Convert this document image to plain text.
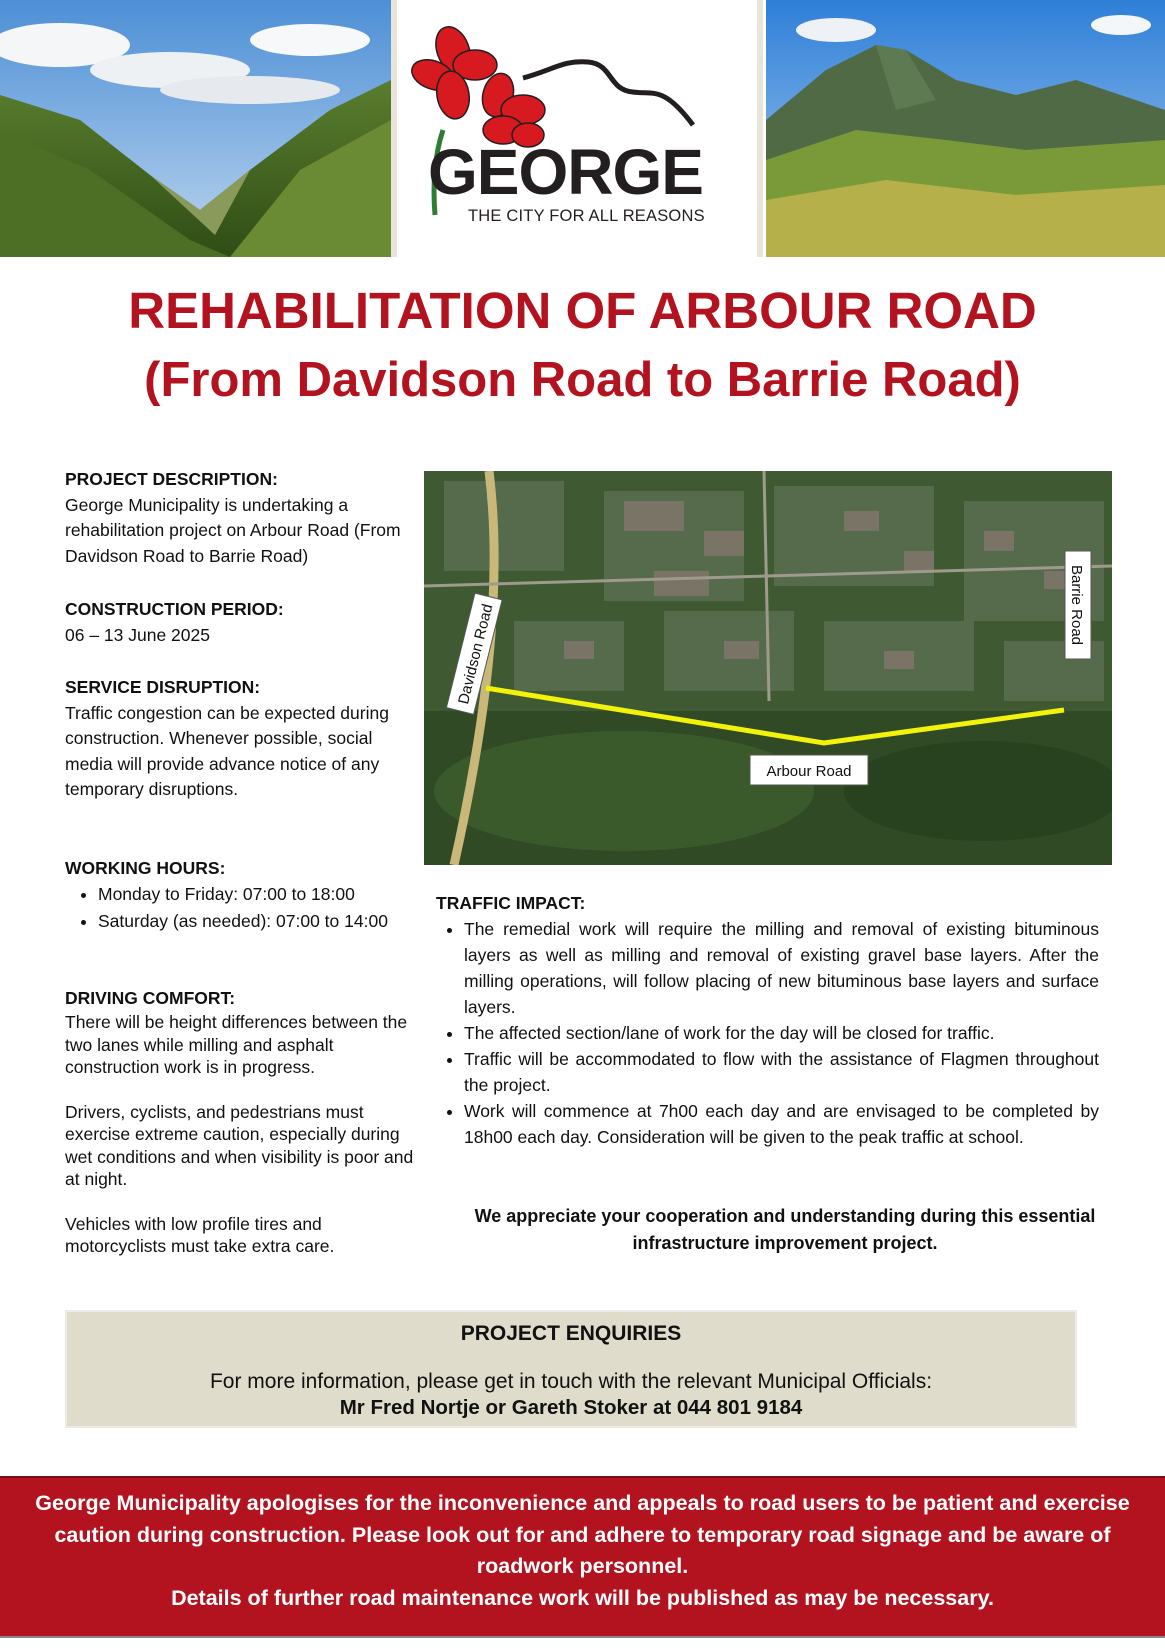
GEORGE
THE CITY FOR ALL REASONS
REHABILITATION OF ARBOUR ROAD
(From Davidson Road to Barrie Road)
PROJECT DESCRIPTION:
George Municipality is undertaking a rehabilitation project on Arbour Road (From Davidson Road to Barrie Road)
CONSTRUCTION PERIOD:
06 – 13 June 2025
SERVICE DISRUPTION:
Traffic congestion can be expected during construction. Whenever possible, social media will provide advance notice of any temporary disruptions.
WORKING HOURS:
• Monday to Friday: 07:00 to 18:00
• Saturday (as needed): 07:00 to 14:00
DRIVING COMFORT:
There will be height differences between the two lanes while milling and asphalt construction work is in progress.
Drivers, cyclists, and pedestrians must exercise extreme caution, especially during wet conditions and when visibility is poor and at night.
Vehicles with low profile tires and motorcyclists must take extra care.
Davidson Road	Barrie Road
Arbour Road
TRAFFIC IMPACT:
• The remedial work will require the milling and removal of existing bituminous layers as well as milling and removal of existing gravel base layers. After the milling operations, will follow placing of new bituminous base layers and surface layers.
• The affected section/lane of work for the day will be closed for traffic.
• Traffic will be accommodated to flow with the assistance of Flagmen throughout the project.
• Work will commence at 7h00 each day and are envisaged to be completed by 18h00 each day. Consideration will be given to the peak traffic at school.
We appreciate your cooperation and understanding during this essential infrastructure improvement project.
PROJECT ENQUIRIES
For more information, please get in touch with the relevant Municipal Officials:
Mr Fred Nortje or Gareth Stoker at 044 801 9184
George Municipality apologises for the inconvenience and appeals to road users to be patient and exercise caution during construction. Please look out for and adhere to temporary road signage and be aware of roadwork personnel.
Details of further road maintenance work will be published as may be necessary.
